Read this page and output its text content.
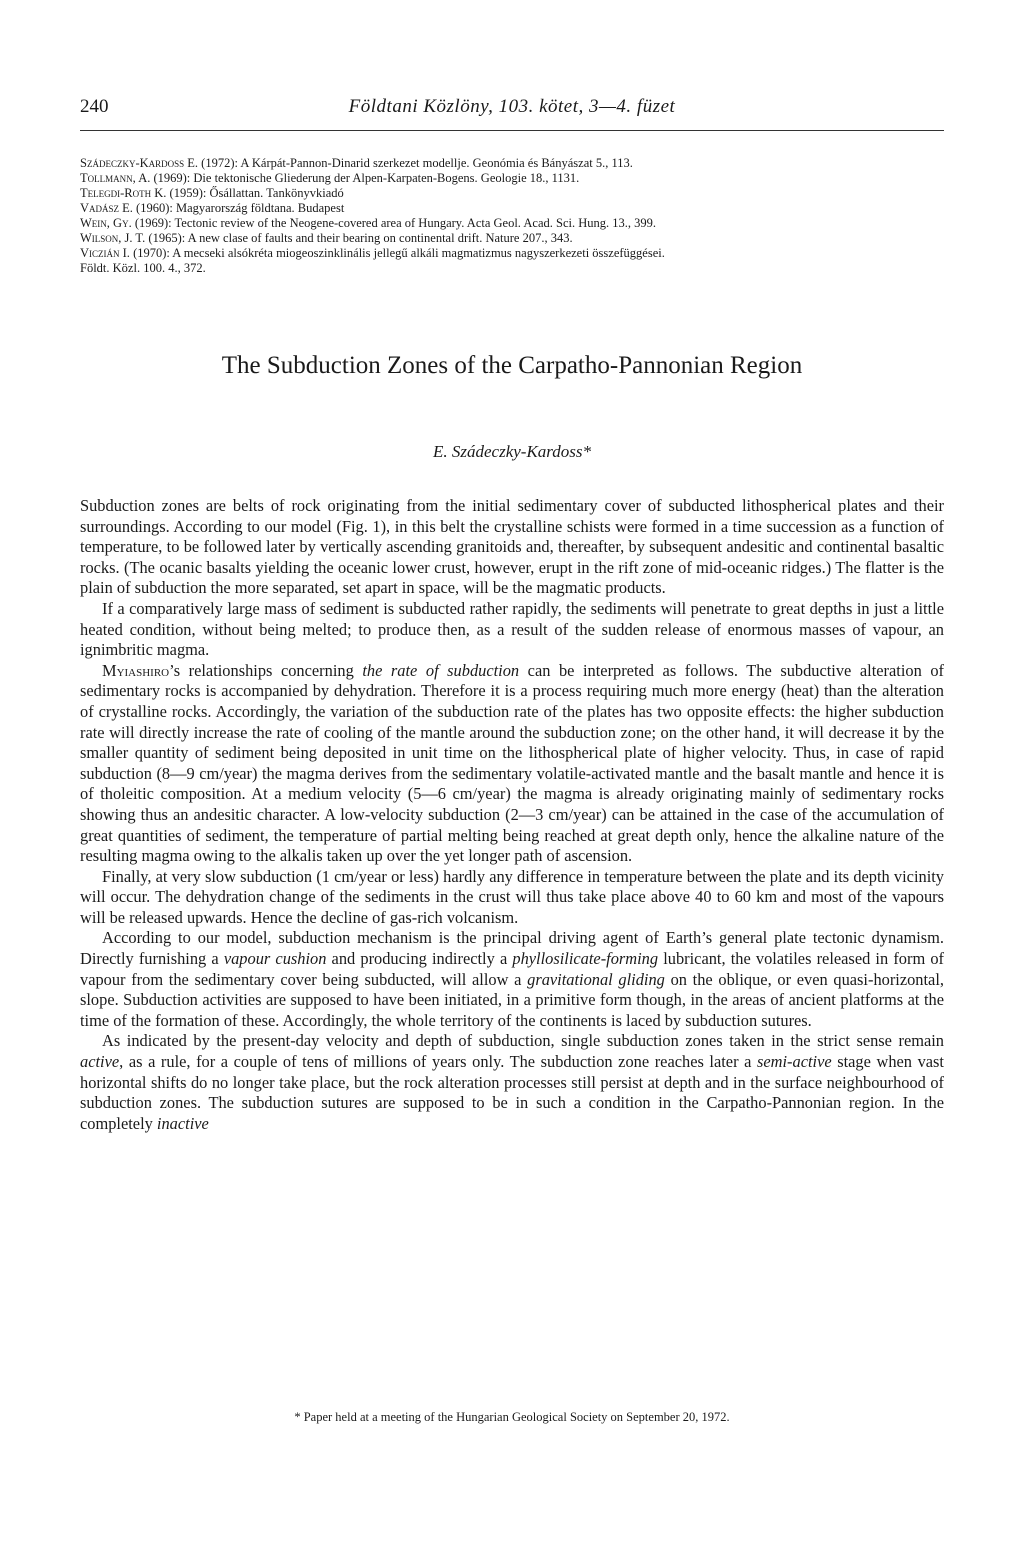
240	Földtani Közlöny, 103. kötet, 3—4. füzet

Szádeczky-Kardoss E. (1972): A Kárpát-Pannon-Dinarid szerkezet modellje. Geonómia és Bányászat 5., 113.

Tollmann, A. (1969): Die tektonische Gliederung der Alpen-Karpaten-Bogens. Geologie 18., 1131.

Telegdi-Roth K. (1959): Ősállattan. Tankönyvkiadó

Vadász E. (1960): Magyarország földtana. Budapest

Wein, Gy. (1969): Tectonic review of the Neogene-covered area of Hungary. Acta Geol. Acad. Sci. Hung. 13., 399.

Wilson, J. T. (1965): A new clase of faults and their bearing on continental drift. Nature 207., 343.

Viczián I. (1970): A mecseki alsókréta miogeoszinklinális jellegű alkáli magmatizmus nagyszerkezeti összefüggései.
Földt. Közl. 100. 4., 372.

The Subduction Zones of the Carpatho-Pannonian Region
E. Szádeczky-Kardoss*

Subduction zones are belts of rock originating from the initial sedimentary cover of subducted lithospherical plates and their surroundings. According to our model (Fig. 1), in this belt the crystalline schists were formed in a time succession as a function of temperature, to be followed later by vertically ascending granitoids and, thereafter, by subsequent andesitic and continental basaltic rocks. (The ocanic basalts yielding the oceanic lower crust, however, erupt in the rift zone of mid-oceanic ridges.) The flatter is the plain of subduction the more separated, set apart in space, will be the magmatic products.

If a comparatively large mass of sediment is subducted rather rapidly, the sediments will penetrate to great depths in just a little heated condition, without being melted; to produce then, as a result of the sudden release of enormous masses of vapour, an ignimbritic magma.

Myiashiro’s relationships concerning the rate of subduction can be interpreted as follows. The subductive alteration of sedimentary rocks is accompanied by dehydration. Therefore it is a process requiring much more energy (heat) than the alteration of crystalline rocks. Accordingly, the variation of the subduction rate of the plates has two opposite effects: the higher subduction rate will directly increase the rate of cooling of the mantle around the subduction zone; on the other hand, it will decrease it by the smaller quantity of sediment being deposited in unit time on the lithospherical plate of higher velocity. Thus, in case of rapid subduction (8—9 cm/year) the magma derives from the sedimentary volatile-activated mantle and the basalt mantle and hence it is of tholeitic composition. At a medium velocity (5—6 cm/year) the magma is already originating mainly of sedimentary rocks showing thus an andesitic character. A low-velocity subduction (2—3 cm/year) can be attained in the case of the accumulation of great quantities of sediment, the temperature of partial melting being reached at great depth only, hence the alkaline nature of the resulting magma owing to the alkalis taken up over the yet longer path of ascension.

Finally, at very slow subduction (1 cm/year or less) hardly any difference in temperature between the plate and its depth vicinity will occur. The dehydration change of the sediments in the crust will thus take place above 40 to 60 km and most of the vapours will be released upwards. Hence the decline of gas-rich volcanism.

According to our model, subduction mechanism is the principal driving agent of Earth’s general plate tectonic dynamism. Directly furnishing a vapour cushion and producing indirectly a phyllosilicate-forming lubricant, the volatiles released in form of vapour from the sedimentary cover being subducted, will allow a gravitational gliding on the oblique, or even quasi-horizontal, slope. Subduction activities are supposed to have been initiated, in a primitive form though, in the areas of ancient platforms at the time of the formation of these. Accordingly, the whole territory of the continents is laced by subduction sutures.

As indicated by the present-day velocity and depth of subduction, single subduction zones taken in the strict sense remain active, as a rule, for a couple of tens of millions of years only. The subduction zone reaches later a semi-active stage when vast horizontal shifts do no longer take place, but the rock alteration processes still persist at depth and in the surface neighbourhood of subduction zones. The subduction sutures are supposed to be in such a condition in the Carpatho-Pannonian region. In the completely inactive

* Paper held at a meeting of the Hungarian Geological Society on September 20, 1972.
